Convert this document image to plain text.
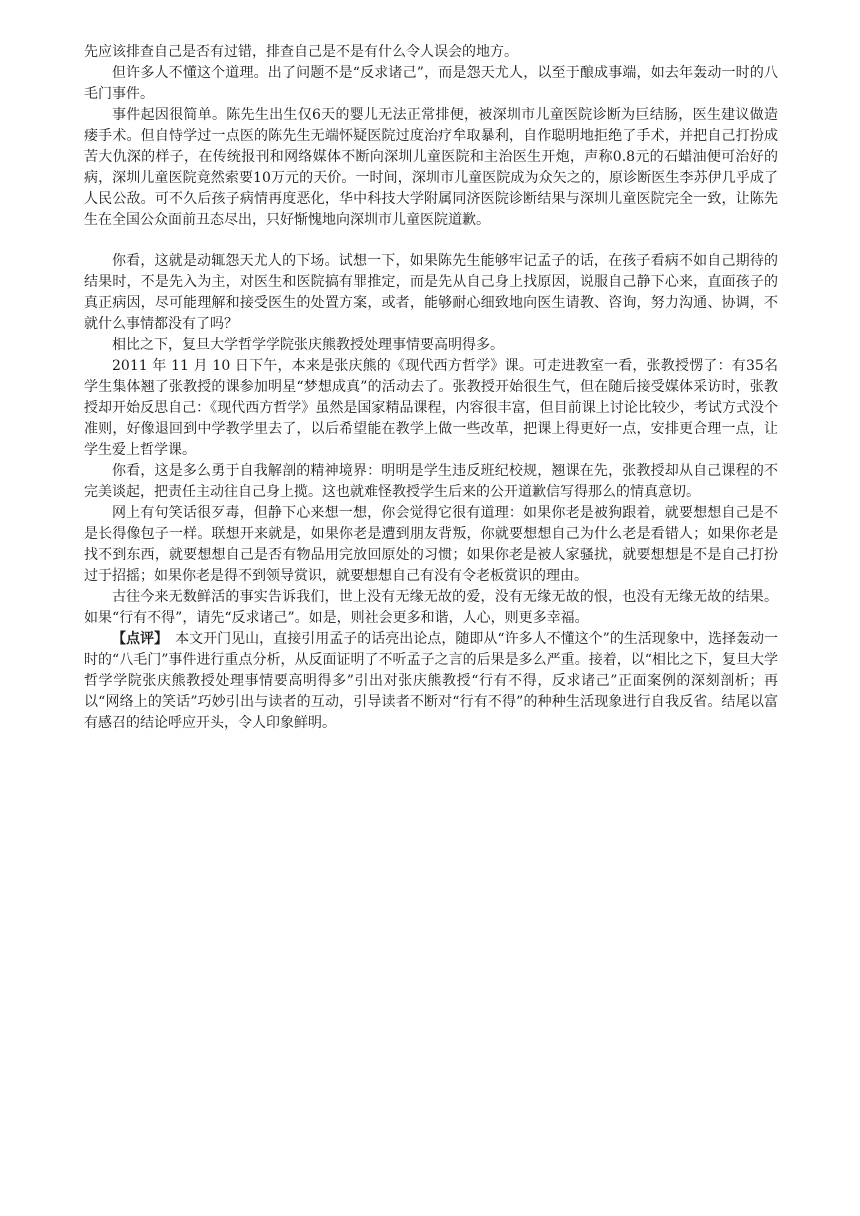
先应该排查自己是否有过错，排查自己是不是有什么令人误会的地方。

但许多人不懂这个道理。出了问题不是“反求诸己”，而是怨天尤人，以至于酿成事端，如去年轰动一时的八毛门事件。

事件起因很简单。陈先生出生仅6天的婴儿无法正常排便，被深圳市儿童医院诊断为巨结肠，医生建议做造瘘手术。但自恃学过一点医的陈先生无端怀疑医院过度治疗牟取暴利，自作聪明地拒绝了手术，并把自己打扮成苦大仇深的样子，在传统报刊和网络媒体不断向深圳儿童医院和主治医生开炮，声称0.8元的石蜡油便可治好的病，深圳儿童医院竟然索要10万元的天价。一时间，深圳市儿童医院成为众矢之的，原诊断医生李苏伊几乎成了人民公敌。可不久后孩子病情再度恶化，华中科技大学附属同济医院诊断结果与深圳儿童医院完全一致，让陈先生在全国公众面前丑态尽出，只好惭愧地向深圳市儿童医院道歉。

你看，这就是动辄怨天尤人的下场。试想一下，如果陈先生能够牢记孟子的话，在孩子看病不如自己期待的结果时，不是先入为主，对医生和医院搞有罪推定，而是先从自己身上找原因，说服自己静下心来，直面孩子的真正病因，尽可能理解和接受医生的处置方案，或者，能够耐心细致地向医生请教、咨询，努力沟通、协调，不就什么事情都没有了吗？

相比之下，复旦大学哲学学院张庆熊教授处理事情要高明得多。

2011 年 11 月 10 日下午，本来是张庆熊的《现代西方哲学》课。可走进教室一看，张教授愣了：有35名学生集体翘了张教授的课参加明星“梦想成真”的活动去了。张教授开始很生气，但在随后接受媒体采访时，张教授却开始反思自己：《现代西方哲学》虽然是国家精品课程，内容很丰富，但目前课上讨论比较少，考试方式没个准则，好像退回到中学教学里去了，以后希望能在教学上做一些改革，把课上得更好一点，安排更合理一点，让学生爱上哲学课。

你看，这是多么勇于自我解剖的精神境界：明明是学生违反班纪校规，翘课在先，张教授却从自己课程的不完美谈起，把责任主动往自己身上揽。这也就难怪教授学生后来的公开道歉信写得那么的情真意切。

网上有句笑话很歹毒，但静下心来想一想，你会觉得它很有道理：如果你老是被狗跟着，就要想想自己是不是长得像包子一样。联想开来就是，如果你老是遭到朋友背叛，你就要想想自己为什么老是看错人；如果你老是找不到东西，就要想想自己是否有物品用完放回原处的习惯；如果你老是被人家骚扰，就要想想是不是自己打扮过于招摇；如果你老是得不到领导赏识，就要想想自己有没有令老板赏识的理由。

古往今来无数鲜活的事实告诉我们，世上没有无缘无故的爱，没有无缘无故的恨，也没有无缘无故的结果。如果“行有不得”，请先“反求诸己”。如是，则社会更多和谐，人心，则更多幸福。

【点评】　本文开门见山，直接引用孟子的话亮出论点，随即从“许多人不懂这个”的生活现象中，选择轰动一时的“八毛门”事件进行重点分析，从反面证明了不听孟子之言的后果是多么严重。接着，以“相比之下，复旦大学哲学学院张庆熊教授处理事情要高明得多”引出对张庆熊教授“行有不得，反求诸己”正面案例的深刻剖析；再以“网络上的笑话”巧妙引出与读者的互动，引导读者不断对“行有不得”的种种生活现象进行自我反省。结尾以富有感召的结论呼应开头，令人印象鲜明。
